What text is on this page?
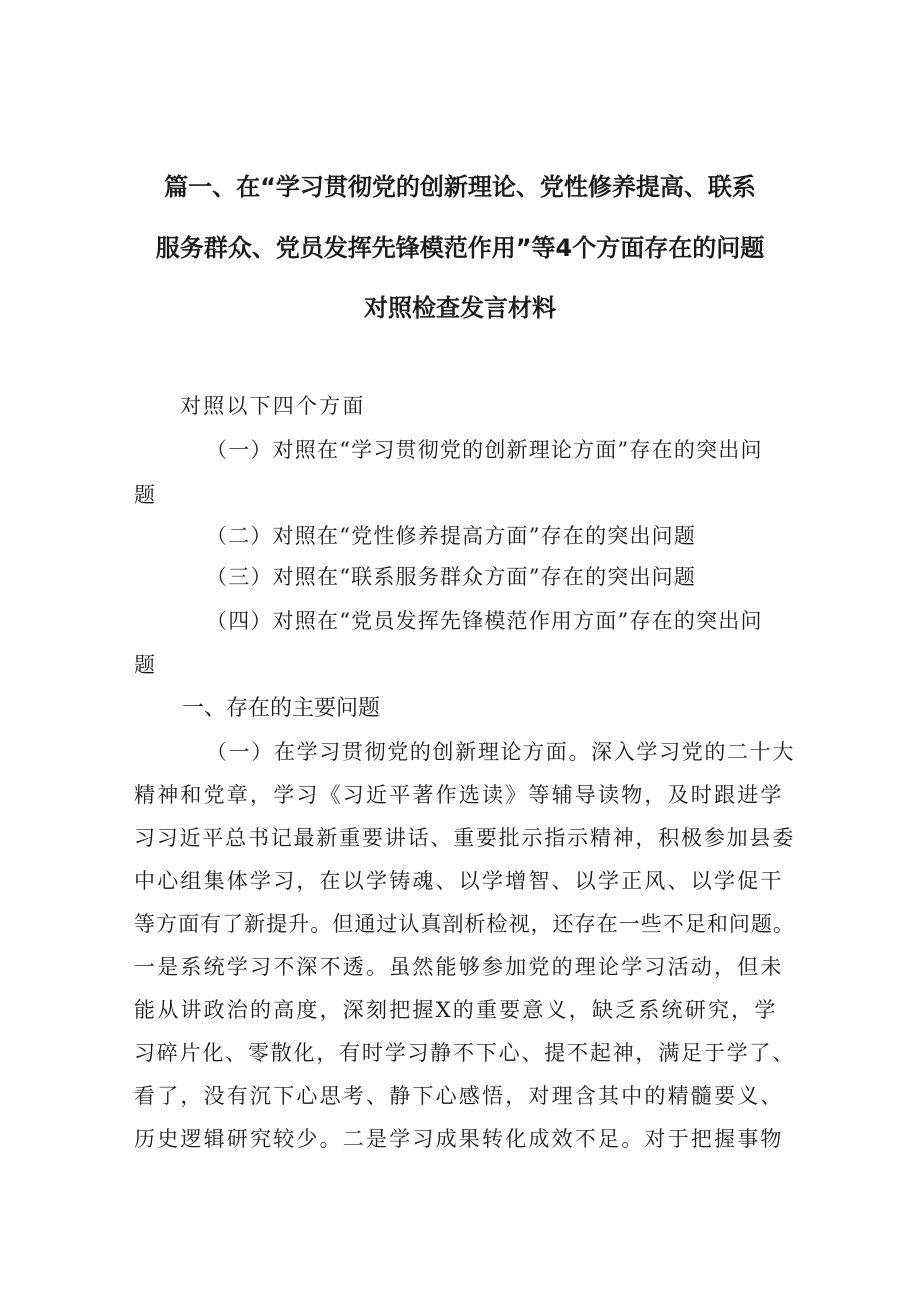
篇一、在“学习贯彻党的创新理论、党性修养提高、联系
服务群众、党员发挥先锋模范作用”等4个方面存在的问题
对照检查发言材料
对照以下四个方面
（一）对照在“学习贯彻党的创新理论方面”存在的突出问
题
（二）对照在“党性修养提高方面”存在的突出问题
（三）对照在“联系服务群众方面”存在的突出问题
（四）对照在“党员发挥先锋模范作用方面”存在的突出问
题
一、存在的主要问题
（一）在学习贯彻党的创新理论方面。深入学习党的二十大
精神和党章，学习《习近平著作选读》等辅导读物，及时跟进学
习习近平总书记最新重要讲话、重要批示指示精神，积极参加县委
中心组集体学习，在以学铸魂、以学增智、以学正风、以学促干
等方面有了新提升。但通过认真剖析检视，还存在一些不足和问题。
一是系统学习不深不透。虽然能够参加党的理论学习活动，但未
能从讲政治的高度，深刻把握X的重要意义，缺乏系统研究，学
习碎片化、零散化，有时学习静不下心、提不起神，满足于学了、
看了，没有沉下心思考、静下心感悟，对理含其中的精髓要义、
历史逻辑研究较少。二是学习成果转化成效不足。对于把握事物
